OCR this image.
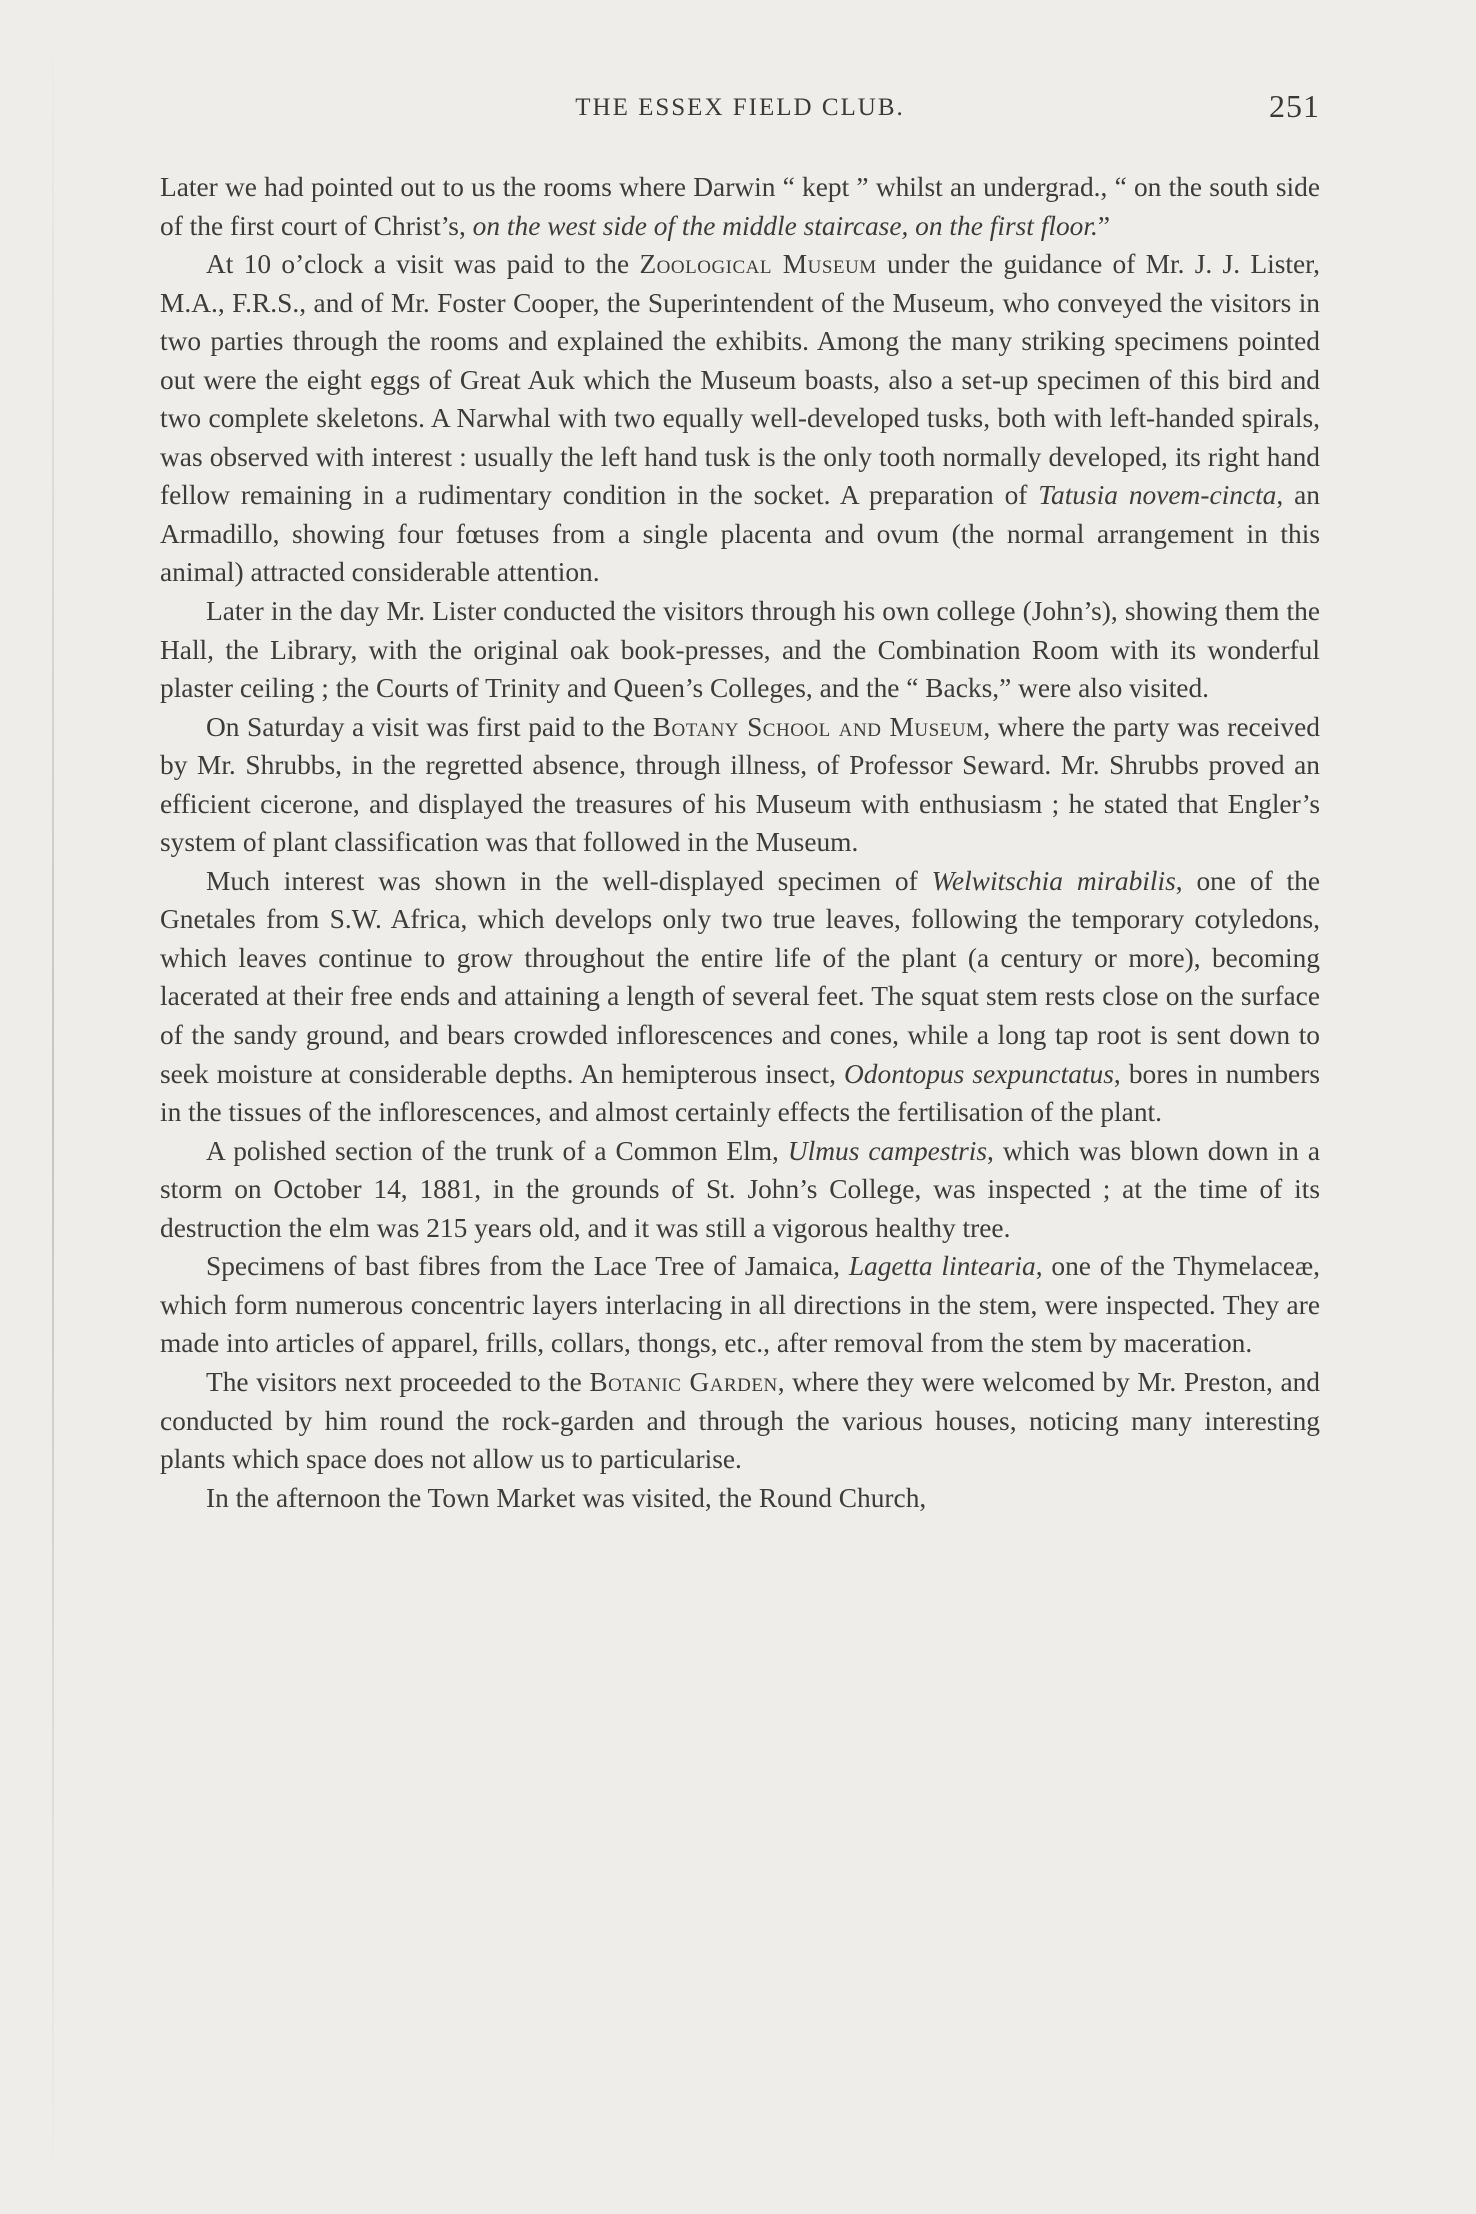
THE ESSEX FIELD CLUB.	251

Later we had pointed out to us the rooms where Darwin “ kept ” whilst an undergrad., “ on the south side of the first court of Christ’s, on the west side of the middle staircase, on the first floor.”

At 10 o’clock a visit was paid to the Zoological Museum under the guidance of Mr. J. J. Lister, M.A., F.R.S., and of Mr. Foster Cooper, the Superintendent of the Museum, who conveyed the visitors in two parties through the rooms and explained the exhibits. Among the many striking specimens pointed out were the eight eggs of Great Auk which the Museum boasts, also a set-up specimen of this bird and two complete skeletons. A Narwhal with two equally well-developed tusks, both with left-handed spirals, was observed with interest : usually the left hand tusk is the only tooth normally developed, its right hand fellow remaining in a rudimentary condition in the socket. A preparation of Tatusia novem-cincta, an Armadillo, showing four fœtuses from a single placenta and ovum (the normal arrangement in this animal) attracted considerable attention.

Later in the day Mr. Lister conducted the visitors through his own college (John’s), showing them the Hall, the Library, with the original oak book-presses, and the Combination Room with its wonderful plaster ceiling ; the Courts of Trinity and Queen’s Colleges, and the “ Backs,” were also visited.

On Saturday a visit was first paid to the Botany School and Museum, where the party was received by Mr. Shrubbs, in the regretted absence, through illness, of Professor Seward. Mr. Shrubbs proved an efficient cicerone, and displayed the treasures of his Museum with enthusiasm ; he stated that Engler’s system of plant classification was that followed in the Museum.

Much interest was shown in the well-displayed specimen of Welwitschia mirabilis, one of the Gnetales from S.W. Africa, which develops only two true leaves, following the temporary cotyledons, which leaves continue to grow throughout the entire life of the plant (a century or more), becoming lacerated at their free ends and attaining a length of several feet. The squat stem rests close on the surface of the sandy ground, and bears crowded inflorescences and cones, while a long tap root is sent down to seek moisture at considerable depths. An hemipterous insect, Odontopus sexpunctatus, bores in numbers in the tissues of the inflorescences, and almost certainly effects the fertilisation of the plant.

A polished section of the trunk of a Common Elm, Ulmus campestris, which was blown down in a storm on October 14, 1881, in the grounds of St. John’s College, was inspected ; at the time of its destruction the elm was 215 years old, and it was still a vigorous healthy tree.

Specimens of bast fibres from the Lace Tree of Jamaica, Lagetta lintearia, one of the Thymelaceæ, which form numerous concentric layers interlacing in all directions in the stem, were inspected. They are made into articles of apparel, frills, collars, thongs, etc., after removal from the stem by maceration.

The visitors next proceeded to the Botanic Garden, where they were welcomed by Mr. Preston, and conducted by him round the rock-garden and through the various houses, noticing many interesting plants which space does not allow us to particularise.

In the afternoon the Town Market was visited, the Round Church,
